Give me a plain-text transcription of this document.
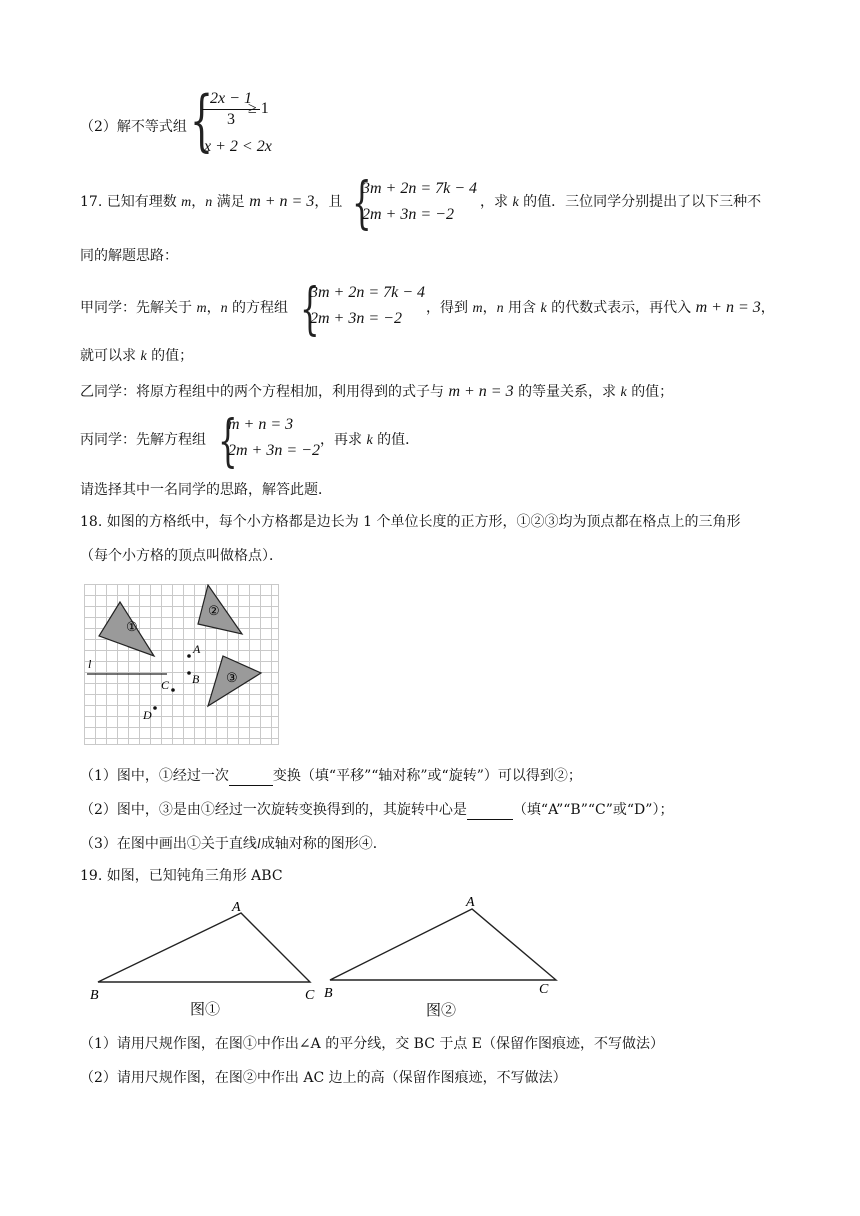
（2）解不等式组 {
2x − 1
3
≥ 1
x + 2 < 2x
17. 已知有理数 m，n 满足 m + n = 3，且 {
3m + 2n = 7k − 4
2m + 3n = −2
，求 k 的值．三位同学分别提出了以下三种不
同的解题思路：
甲同学：先解关于 m，n 的方程组 {
3m + 2n = 7k − 4
2m + 3n = −2
，得到 m，n 用含 k 的代数式表示，再代入 m + n = 3，
就可以求 k 的值；
乙同学：将原方程组中的两个方程相加，利用得到的式子与 m + n = 3 的等量关系，求 k 的值；
丙同学：先解方程组 {
m + n = 3
2m + 3n = −2
，再求 k 的值．
请选择其中一名同学的思路，解答此题．
18. 如图的方格纸中，每个小方格都是边长为 1 个单位长度的正方形，①②③均为顶点都在格点上的三角形
（每个小方格的顶点叫做格点）．
①
②
③
l
A
B
C
D
（1）图中，①经过一次	变换（填“平移”“轴对称”或“旋转”）可以得到②；
（2）图中，③是由①经过一次旋转变换得到的，其旋转中心是	（填“A”“B”“C”或“D”）；
（3）在图中画出①关于直线l成轴对称的图形④．
19. 如图，已知钝角三角形 ABC
A
B	C
图①
A
B	C
图②
（1）请用尺规作图，在图①中作出∠A 的平分线，交 BC 于点 E（保留作图痕迹，不写做法）
（2）请用尺规作图，在图②中作出 AC 边上的高（保留作图痕迹，不写做法）
